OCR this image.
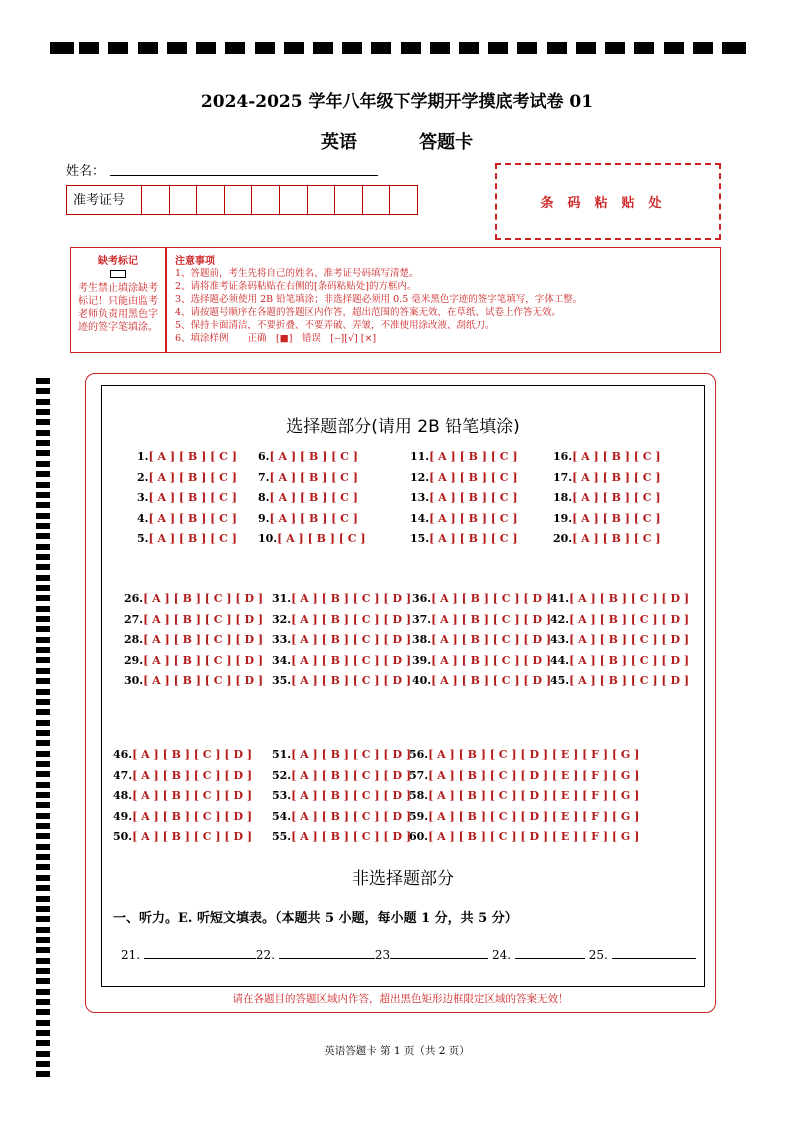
2024-2025 学年八年级下学期开学摸底考试卷 01
英语	答题卡
姓名：
准考证号	条码粘贴处
缺考标记
考生禁止填涂缺考标记！只能由监考老师负责用黑色字迹的签字笔填涂。
注意事项
1、答题前，考生先将自己的姓名、准考证号码填写清楚。
2、请将准考证条码粘贴在右侧的[条码粘贴处]的方框内。
3、选择题必须使用 2B 铅笔填涂；非选择题必须用 0.5 毫米黑色字迹的签字笔填写，字体工整。
4、请按题号顺序在各题的答题区内作答，超出范围的答案无效，在草纸、试卷上作答无效。
5、保持卡面清洁，不要折叠、不要弄破、弄皱，不准使用涂改液、刮纸刀。
6、填涂样例　　正确　[■]　错误　[--][√] [×]
选择题部分(请用 2B 铅笔填涂)
1.[ A ] [ B ] [ C ]
2.[ A ] [ B ] [ C ]
3.[ A ] [ B ] [ C ]
4.[ A ] [ B ] [ C ]
5.[ A ] [ B ] [ C ]
6.[ A ] [ B ] [ C ]
7.[ A ] [ B ] [ C ]
8.[ A ] [ B ] [ C ]
9.[ A ] [ B ] [ C ]
10.[ A ] [ B ] [ C ]
11.[ A ] [ B ] [ C ]
12.[ A ] [ B ] [ C ]
13.[ A ] [ B ] [ C ]
14.[ A ] [ B ] [ C ]
15.[ A ] [ B ] [ C ]
16.[ A ] [ B ] [ C ]
17.[ A ] [ B ] [ C ]
18.[ A ] [ B ] [ C ]
19.[ A ] [ B ] [ C ]
20.[ A ] [ B ] [ C ]
26.[ A ] [ B ] [ C ] [ D ]
27.[ A ] [ B ] [ C ] [ D ]
28.[ A ] [ B ] [ C ] [ D ]
29.[ A ] [ B ] [ C ] [ D ]
30.[ A ] [ B ] [ C ] [ D ]
31.[ A ] [ B ] [ C ] [ D ]
32.[ A ] [ B ] [ C ] [ D ]
33.[ A ] [ B ] [ C ] [ D ]
34.[ A ] [ B ] [ C ] [ D ]
35.[ A ] [ B ] [ C ] [ D ]
36.[ A ] [ B ] [ C ] [ D ]
37.[ A ] [ B ] [ C ] [ D ]
38.[ A ] [ B ] [ C ] [ D ]
39.[ A ] [ B ] [ C ] [ D ]
40.[ A ] [ B ] [ C ] [ D ]
41.[ A ] [ B ] [ C ] [ D ]
42.[ A ] [ B ] [ C ] [ D ]
43.[ A ] [ B ] [ C ] [ D ]
44.[ A ] [ B ] [ C ] [ D ]
45.[ A ] [ B ] [ C ] [ D ]
46.[ A ] [ B ] [ C ] [ D ]
47.[ A ] [ B ] [ C ] [ D ]
48.[ A ] [ B ] [ C ] [ D ]
49.[ A ] [ B ] [ C ] [ D ]
50.[ A ] [ B ] [ C ] [ D ]
51.[ A ] [ B ] [ C ] [ D ]
52.[ A ] [ B ] [ C ] [ D ]
53.[ A ] [ B ] [ C ] [ D ]
54.[ A ] [ B ] [ C ] [ D ]
55.[ A ] [ B ] [ C ] [ D ]
56.[ A ] [ B ] [ C ] [ D ] [ E ] [ F ] [ G ]
57.[ A ] [ B ] [ C ] [ D ] [ E ] [ F ] [ G ]
58.[ A ] [ B ] [ C ] [ D ] [ E ] [ F ] [ G ]
59.[ A ] [ B ] [ C ] [ D ] [ E ] [ F ] [ G ]
60.[ A ] [ B ] [ C ] [ D ] [ E ] [ F ] [ G ]
非选择题部分
一、听力。E. 听短文填表。（本题共 5 小题，每小题 1 分，共 5 分）
21.	22.	23	24.	25.
请在各题目的答题区域内作答，超出黑色矩形边框限定区域的答案无效！
英语答题卡 第 1 页（共 2 页）
